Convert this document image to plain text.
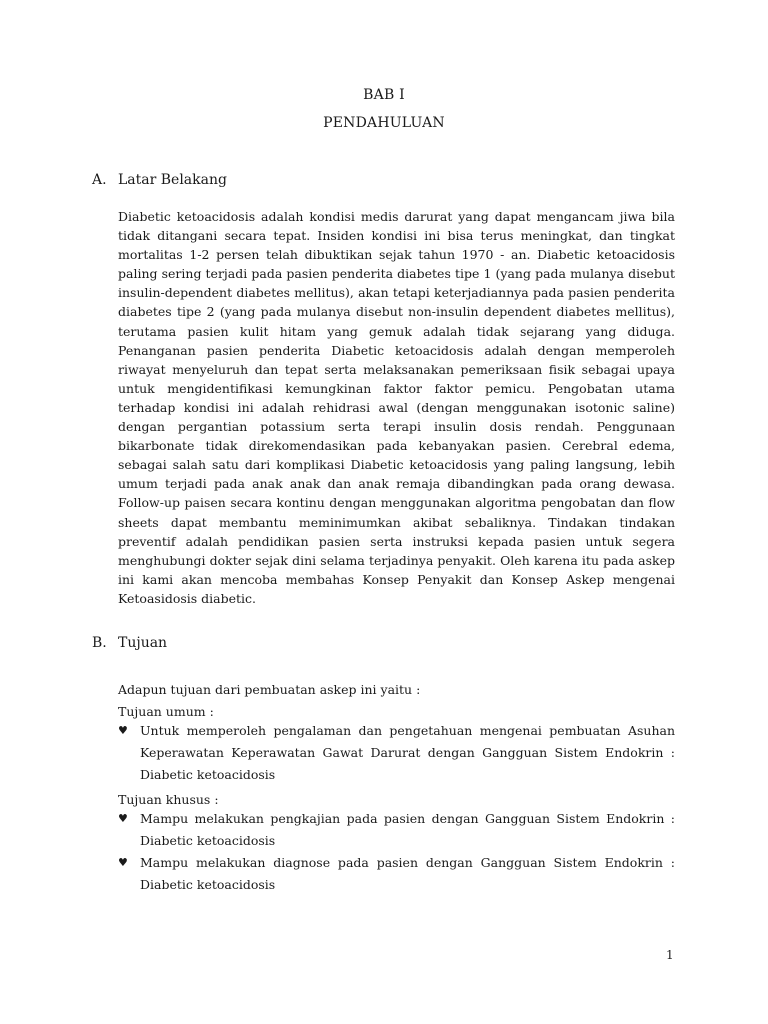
BAB I
PENDAHULUAN
A. Latar Belakang

Diabetic ketoacidosis adalah kondisi medis darurat yang dapat mengancam jiwa bila tidak ditangani secara tepat. Insiden kondisi ini bisa terus meningkat, dan tingkat mortalitas 1-2 persen telah dibuktikan sejak tahun 1970 - an. Diabetic ketoacidosis paling sering terjadi pada pasien penderita diabetes tipe 1 (yang pada mulanya disebut insulin-dependent diabetes mellitus), akan tetapi keterjadiannya pada pasien penderita diabetes tipe 2 (yang pada mulanya disebut non-insulin dependent diabetes mellitus), terutama pasien kulit hitam yang gemuk adalah tidak sejarang yang diduga. Penanganan pasien penderita Diabetic ketoacidosis adalah dengan memperoleh riwayat menyeluruh dan tepat serta melaksanakan pemeriksaan fisik sebagai upaya untuk mengidentifikasi kemungkinan faktor faktor pemicu. Pengobatan utama terhadap kondisi ini adalah rehidrasi awal (dengan menggunakan isotonic saline) dengan pergantian potassium serta terapi insulin dosis rendah. Penggunaan bikarbonate tidak direkomendasikan pada kebanyakan pasien. Cerebral edema, sebagai salah satu dari komplikasi Diabetic ketoacidosis yang paling langsung, lebih umum terjadi pada anak anak dan anak remaja dibandingkan pada orang dewasa. Follow-up paisen secara kontinu dengan menggunakan algoritma pengobatan dan flow sheets dapat membantu meminimumkan akibat sebaliknya. Tindakan tindakan preventif adalah pendidikan pasien serta instruksi kepada pasien untuk segera menghubungi dokter sejak dini selama terjadinya penyakit. Oleh karena itu pada askep ini kami akan mencoba membahas Konsep Penyakit dan Konsep Askep mengenai Ketoasidosis diabetic.

B. Tujuan

Adapun tujuan dari pembuatan askep ini yaitu :

Tujuan umum :

♥ Untuk memperoleh pengalaman dan pengetahuan mengenai pembuatan Asuhan Keperawatan Keperawatan Gawat Darurat dengan Gangguan Sistem Endokrin : Diabetic ketoacidosis

Tujuan khusus :

♥ Mampu melakukan pengkajian pada pasien dengan Gangguan Sistem Endokrin : Diabetic ketoacidosis
♥ Mampu melakukan diagnose pada pasien dengan Gangguan Sistem Endokrin : Diabetic ketoacidosis
1
